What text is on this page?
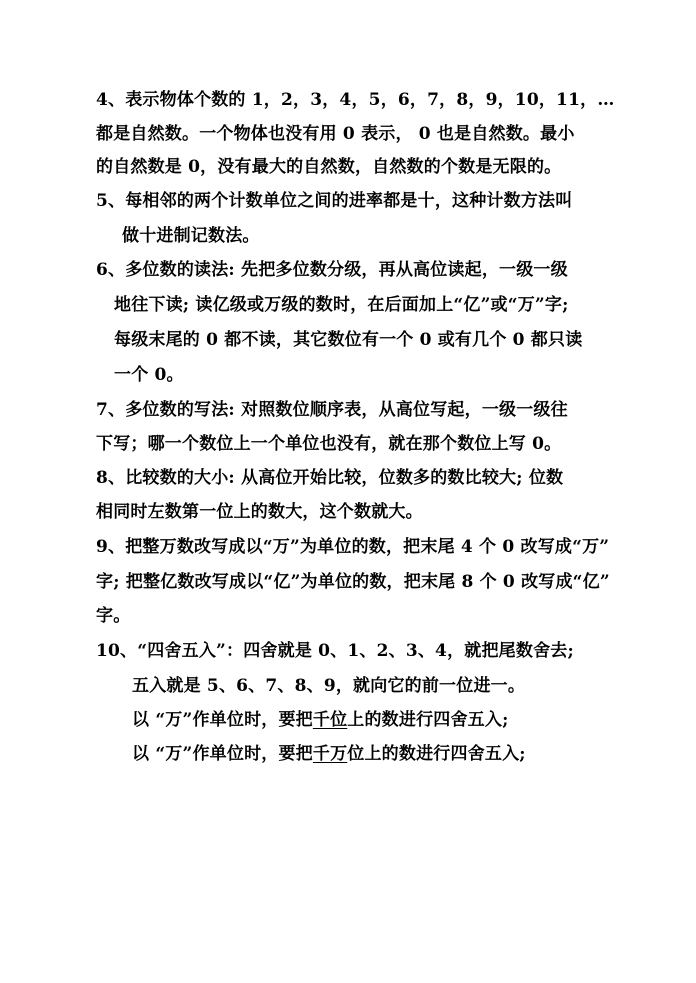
4、表示物体个数的 1，2，3，4，5，6，7，8，9，10，11，…
都是自然数。一个物体也没有用 0 表示， 0 也是自然数。最小
的自然数是 0，没有最大的自然数，自然数的个数是无限的。
5、每相邻的两个计数单位之间的进率都是十，这种计数方法叫
做十进制记数法。
6、多位数的读法: 先把多位数分级，再从高位读起，一级一级
地往下读; 读亿级或万级的数时，在后面加上“亿”或“万”字;
每级末尾的 0 都不读，其它数位有一个 0 或有几个 0 都只读
一个 0。
7、多位数的写法: 对照数位顺序表，从高位写起，一级一级往
下写；哪一个数位上一个单位也没有，就在那个数位上写 0。
8、比较数的大小: 从高位开始比较，位数多的数比较大; 位数
相同时左数第一位上的数大，这个数就大。
9、把整万数改写成以“万”为单位的数，把末尾 4 个 0 改写成“万”
字; 把整亿数改写成以“亿”为单位的数，把末尾 8 个 0 改写成“亿”
字。
10、“四舍五入”：四舍就是 0、1、2、3、4，就把尾数舍去;
五入就是 5、6、7、8、9，就向它的前一位进一。
以 “万”作单位时，要把千位上的数进行四舍五入;
以 “万”作单位时，要把千万位上的数进行四舍五入;
